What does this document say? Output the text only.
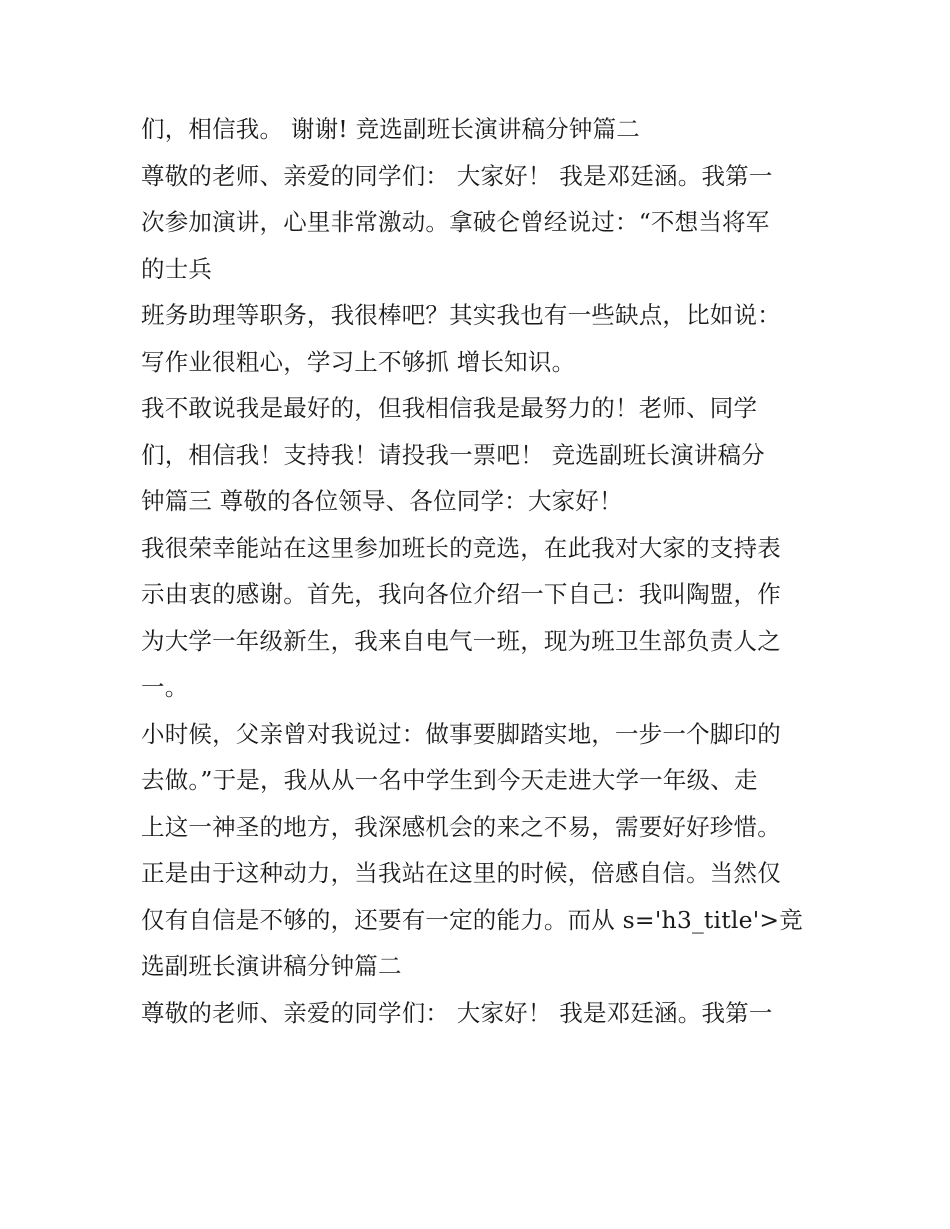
们，相信我。 谢谢! 竞选副班长演讲稿分钟篇二
尊敬的老师、亲爱的同学们： 大家好！ 我是邓廷涵。我第一
次参加演讲，心里非常激动。拿破仑曾经说过：“不想当将军
的士兵
班务助理等职务，我很棒吧？其实我也有一些缺点，比如说：
写作业很粗心，学习上不够抓 增长知识。
我不敢说我是最好的，但我相信我是最努力的！老师、同学
们，相信我！支持我！请投我一票吧！ 竞选副班长演讲稿分
钟篇三 尊敬的各位领导、各位同学：大家好！
我很荣幸能站在这里参加班长的竞选，在此我对大家的支持表
示由衷的感谢。首先，我向各位介绍一下自己：我叫陶盟，作
为大学一年级新生，我来自电气一班，现为班卫生部负责人之
一。
小时候，父亲曾对我说过：做事要脚踏实地，一步一个脚印的
去做。”于是，我从从一名中学生到今天走进大学一年级、走
上这一神圣的地方，我深感机会的来之不易，需要好好珍惜。
正是由于这种动力，当我站在这里的时候，倍感自信。当然仅
仅有自信是不够的，还要有一定的能力。而从 s='h3_title'>竞
选副班长演讲稿分钟篇二
尊敬的老师、亲爱的同学们： 大家好！ 我是邓廷涵。我第一
